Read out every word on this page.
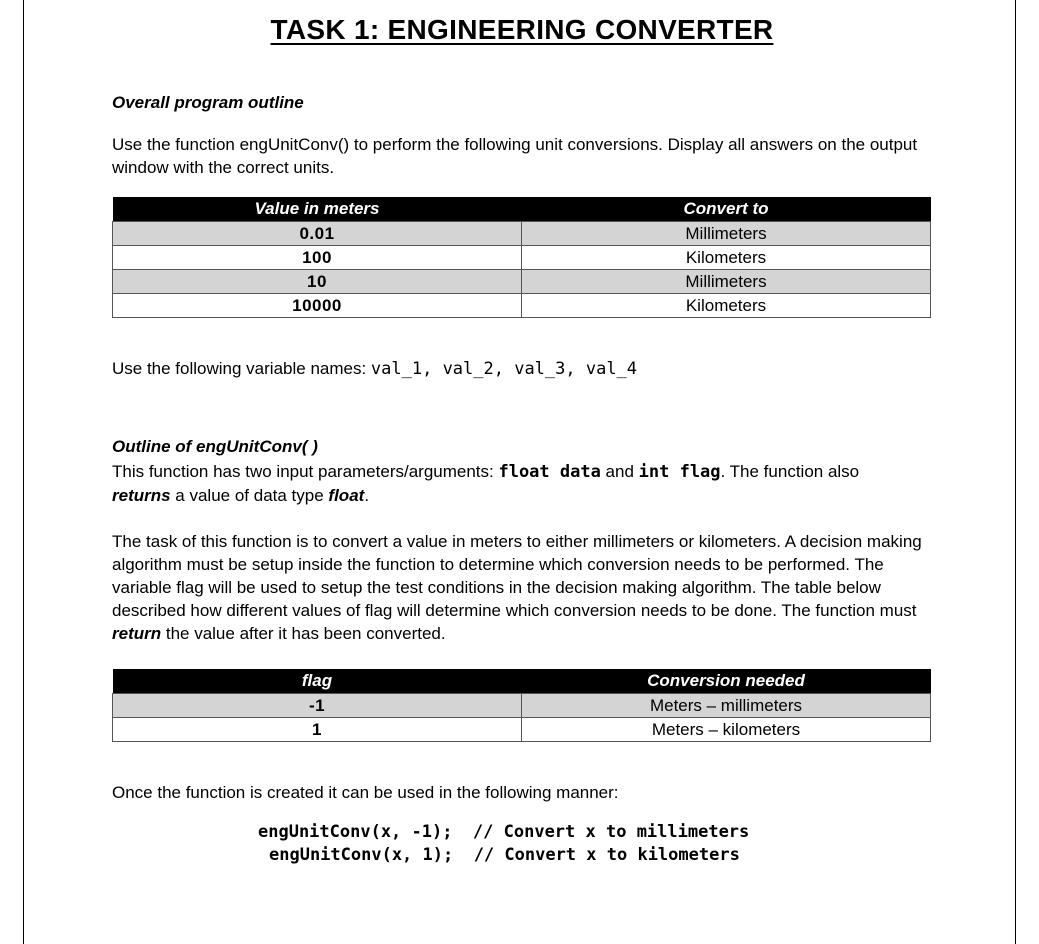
TASK 1: ENGINEERING CONVERTER
Overall program outline
Use the function engUnitConv() to perform the following unit conversions. Display all answers on the output window with the correct units.
Value in meters	Convert to
0.01	Millimeters
100	Kilometers
10	Millimeters
10000	Kilometers
Use the following variable names: val_1, val_2, val_3, val_4
Outline of engUnitConv( )
This function has two input parameters/arguments: float data and int flag. The function also
returns a value of data type float.
The task of this function is to convert a value in meters to either millimeters or kilometers. A decision making algorithm must be setup inside the function to determine which conversion needs to be performed. The variable flag will be used to setup the test conditions in the decision making algorithm. The table below described how different values of flag will determine which conversion needs to be done. The function must return the value after it has been converted.
flag	Conversion needed
-1	Meters – millimeters
1	Meters – kilometers
Once the function is created it can be used in the following manner:
engUnitConv(x, -1);  // Convert x to millimeters
engUnitConv(x, 1);  // Convert x to kilometers
